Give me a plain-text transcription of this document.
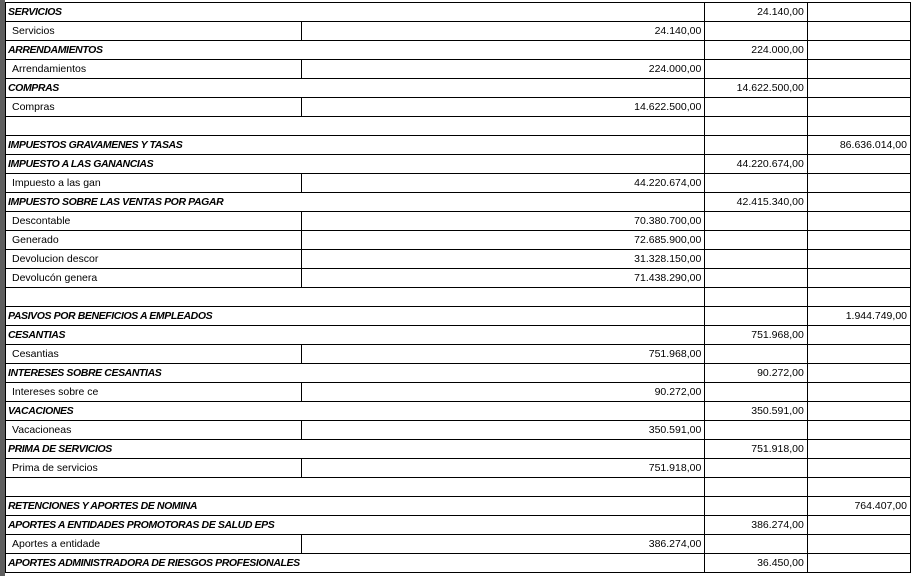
SERVICIOS		24.140,00	
Servicios	24.140,00		
ARRENDAMIENTOS		224.000,00	
Arrendamientos	224.000,00		
COMPRAS		14.622.500,00	
Compras	14.622.500,00		

IMPUESTOS GRAVAMENES Y TASAS			86.636.014,00
IMPUESTO A LAS GANANCIAS		44.220.674,00	
Impuesto a las gan	44.220.674,00		
IMPUESTO SOBRE LAS VENTAS POR PAGAR		42.415.340,00	
Descontable	70.380.700,00		
Generado	72.685.900,00		
Devolucion descor	31.328.150,00		
Devolucón genera	71.438.290,00		

PASIVOS POR BENEFICIOS A EMPLEADOS			1.944.749,00
CESANTIAS		751.968,00	
Cesantias	751.968,00		
INTERESES SOBRE CESANTIAS		90.272,00	
Intereses sobre ce	90.272,00		
VACACIONES		350.591,00	
Vacacioneas	350.591,00		
PRIMA DE SERVICIOS		751.918,00	
Prima de servicios	751.918,00		

RETENCIONES Y APORTES DE NOMINA			764.407,00
APORTES A ENTIDADES PROMOTORAS DE SALUD EPS		386.274,00	
Aportes a entidade	386.274,00		
APORTES ADMINISTRADORA DE RIESGOS PROFESIONALES		36.450,00	
